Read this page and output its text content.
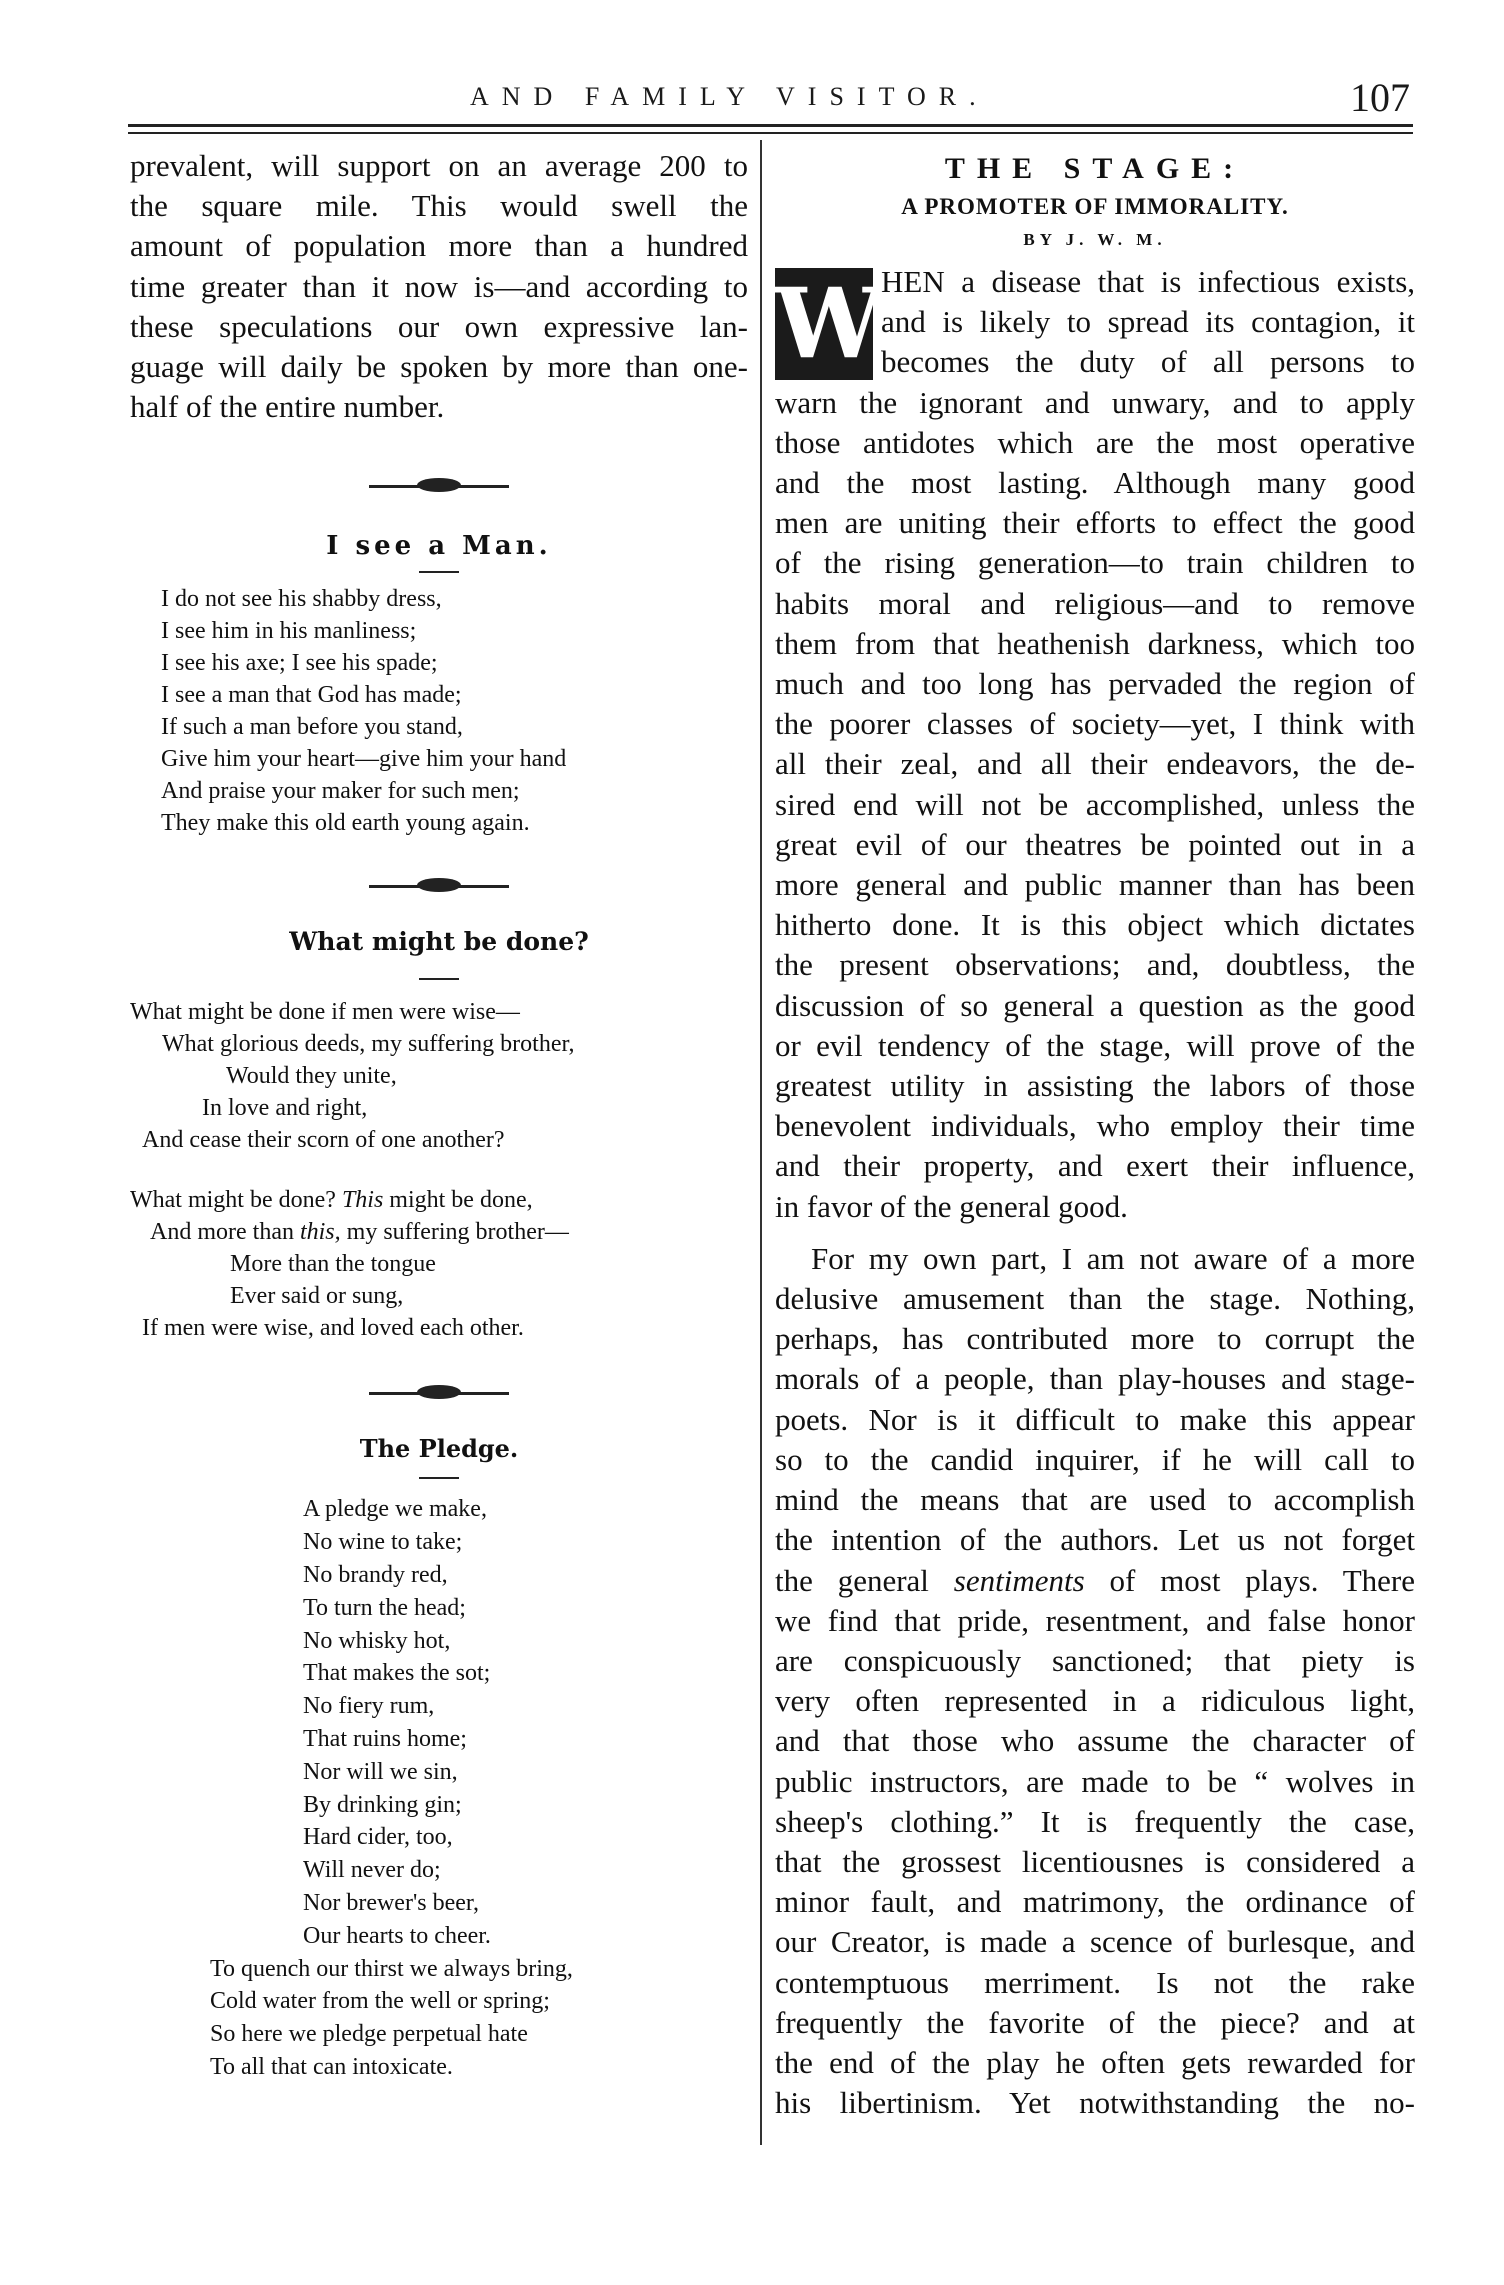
AND FAMILY VISITOR.	107

prevalent, will support on an average 200 to

the square mile. This would swell the

amount of population more than a hundred

time greater than it now is—and according to

these speculations our own expressive lan-

guage will daily be spoken by more than one-

half of the entire number.

I see a Man.

I do not see his shabby dress,
I see him in his manliness;
I see his axe; I see his spade;
I see a man that God has made;
If such a man before you stand,
Give him your heart—give him your hand
And praise your maker for such men;
They make this old earth young again.

What might be done?

What might be done if men were wise—
What glorious deeds, my suffering brother,
Would they unite,
In love and right,
And cease their scorn of one another?
What might be done? This might be done,
And more than this, my suffering brother—
More than the tongue
Ever said or sung,
If men were wise, and loved each other.

The Pledge.

A pledge we make,
No wine to take;
No brandy red,
To turn the head;
No whisky hot,
That makes the sot;
No fiery rum,
That ruins home;
Nor will we sin,
By drinking gin;
Hard cider, too,
Will never do;
Nor brewer's beer,
Our hearts to cheer.
To quench our thirst we always bring,
Cold water from the well or spring;
So here we pledge perpetual hate
To all that can intoxicate.

THE STAGE:

A PROMOTER OF IMMORALITY.

BY J. W. M.

W

HEN a disease that is infectious exists,

and is likely to spread its contagion, it

becomes the duty of all persons to

warn the ignorant and unwary, and to apply

those antidotes which are the most operative

and the most lasting. Although many good

men are uniting their efforts to effect the good

of the rising generation—to train children to

habits moral and religious—and to remove

them from that heathenish darkness, which too

much and too long has pervaded the region of

the poorer classes of society—yet, I think with

all their zeal, and all their endeavors, the de-

sired end will not be accomplished, unless the

great evil of our theatres be pointed out in a

more general and public manner than has been

hitherto done. It is this object which dictates

the present observations; and, doubtless, the

discussion of so general a question as the good

or evil tendency of the stage, will prove of the

greatest utility in assisting the labors of those

benevolent individuals, who employ their time

and their property, and exert their influence,

in favor of the general good.

For my own part, I am not aware of a more

delusive amusement than the stage. Nothing,

perhaps, has contributed more to corrupt the

morals of a people, than play-houses and stage-

poets. Nor is it difficult to make this appear

so to the candid inquirer, if he will call to

mind the means that are used to accomplish

the intention of the authors. Let us not forget

the general sentiments of most plays. There

we find that pride, resentment, and false honor

are conspicuously sanctioned; that piety is

very often represented in a ridiculous light,

and that those who assume the character of

public instructors, are made to be “ wolves in

sheep's clothing.” It is frequently the case,

that the grossest licentiousnes is considered a

minor fault, and matrimony, the ordinance of

our Creator, is made a scence of burlesque, and

contemptuous merriment. Is not the rake

frequently the favorite of the piece? and at

the end of the play he often gets rewarded for

his libertinism. Yet notwithstanding the no-
